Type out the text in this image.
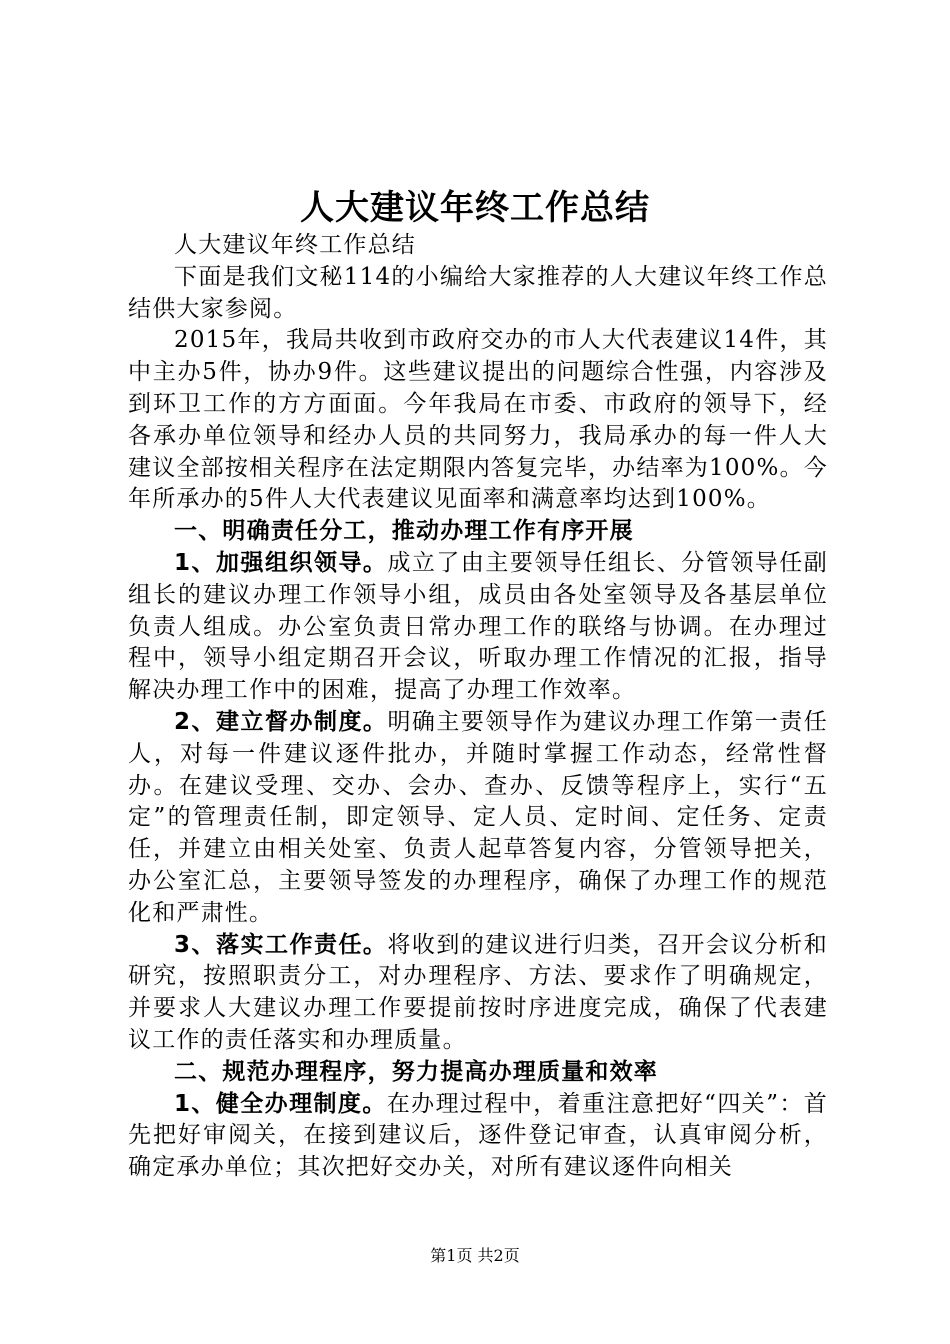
人大建议年终工作总结

人大建议年终工作总结

下面是我们文秘114的小编给大家推荐的人大建议年终工作总结供大家参阅。

2015年，我局共收到市政府交办的市人大代表建议14件，其中主办5件，协办9件。这些建议提出的问题综合性强，内容涉及到环卫工作的方方面面。今年我局在市委、市政府的领导下，经各承办单位领导和经办人员的共同努力，我局承办的每一件人大建议全部按相关程序在法定期限内答复完毕，办结率为100%。今年所承办的5件人大代表建议见面率和满意率均达到100%。

一、明确责任分工，推动办理工作有序开展

1、加强组织领导。成立了由主要领导任组长、分管领导任副组长的建议办理工作领导小组，成员由各处室领导及各基层单位负责人组成。办公室负责日常办理工作的联络与协调。在办理过程中，领导小组定期召开会议，听取办理工作情况的汇报，指导解决办理工作中的困难，提高了办理工作效率。

2、建立督办制度。明确主要领导作为建议办理工作第一责任人，对每一件建议逐件批办，并随时掌握工作动态，经常性督办。在建议受理、交办、会办、查办、反馈等程序上，实行“五定”的管理责任制，即定领导、定人员、定时间、定任务、定责任，并建立由相关处室、负责人起草答复内容，分管领导把关，办公室汇总，主要领导签发的办理程序，确保了办理工作的规范化和严肃性。

3、落实工作责任。将收到的建议进行归类，召开会议分析和研究，按照职责分工，对办理程序、方法、要求作了明确规定，并要求人大建议办理工作要提前按时序进度完成，确保了代表建议工作的责任落实和办理质量。

二、规范办理程序，努力提高办理质量和效率

1、健全办理制度。在办理过程中，着重注意把好“四关”：首先把好审阅关，在接到建议后，逐件登记审查，认真审阅分析，确定承办单位；其次把好交办关，对所有建议逐件向相关

第1页 共2页
